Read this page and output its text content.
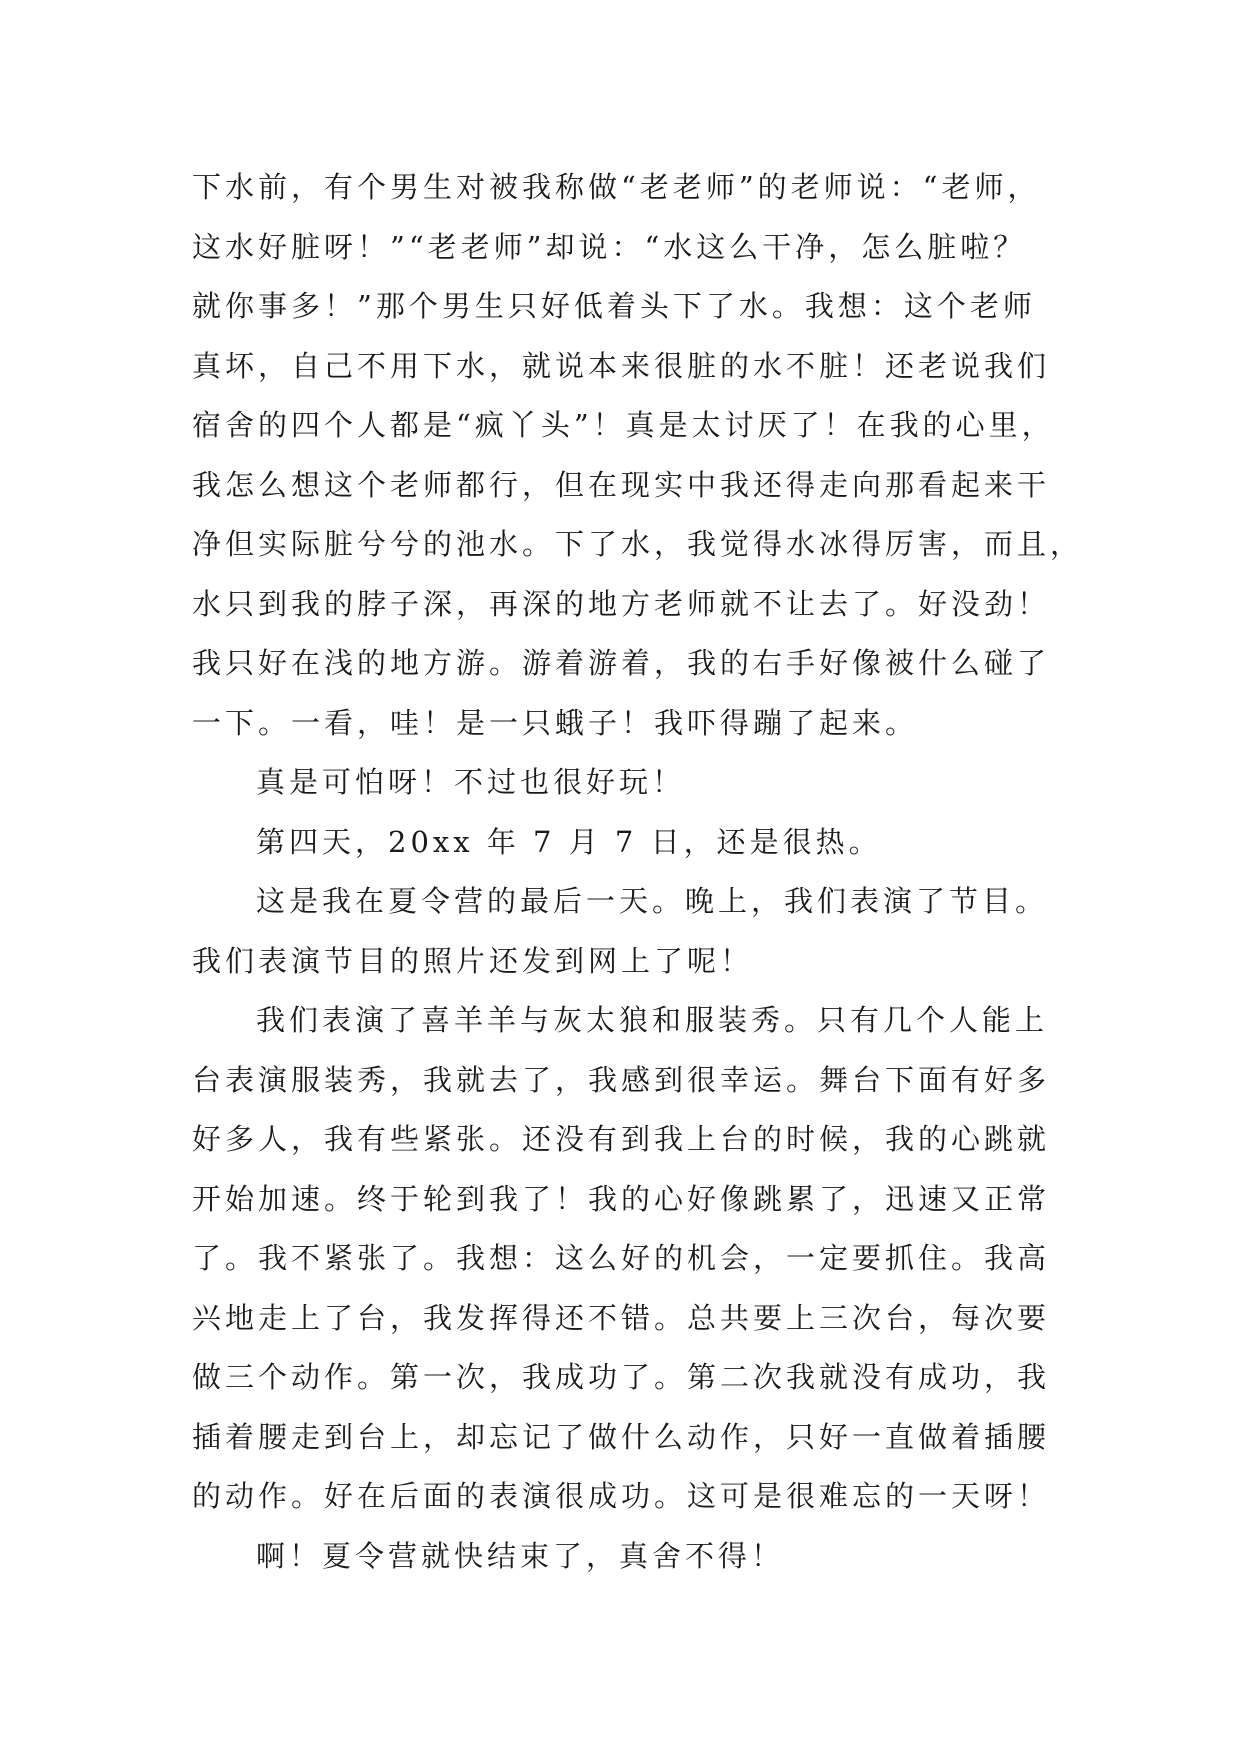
下水前，有个男生对被我称做“老老师”的老师说：“老师，
这水好脏呀！”“老老师”却说：“水这么干净，怎么脏啦？
就你事多！”那个男生只好低着头下了水。我想：这个老师
真坏，自己不用下水，就说本来很脏的水不脏！还老说我们
宿舍的四个人都是“疯丫头”！真是太讨厌了！在我的心里，
我怎么想这个老师都行，但在现实中我还得走向那看起来干
净但实际脏兮兮的池水。下了水，我觉得水冰得厉害，而且，
水只到我的脖子深，再深的地方老师就不让去了。好没劲！
我只好在浅的地方游。游着游着，我的右手好像被什么碰了
一下。一看，哇！是一只蛾子！我吓得蹦了起来。
真是可怕呀！不过也很好玩！
第四天，20xx 年 7 月 7 日，还是很热。
这是我在夏令营的最后一天。晚上，我们表演了节目。
我们表演节目的照片还发到网上了呢！
我们表演了喜羊羊与灰太狼和服装秀。只有几个人能上
台表演服装秀，我就去了，我感到很幸运。舞台下面有好多
好多人，我有些紧张。还没有到我上台的时候，我的心跳就
开始加速。终于轮到我了！我的心好像跳累了，迅速又正常
了。我不紧张了。我想：这么好的机会，一定要抓住。我高
兴地走上了台，我发挥得还不错。总共要上三次台，每次要
做三个动作。第一次，我成功了。第二次我就没有成功，我
插着腰走到台上，却忘记了做什么动作，只好一直做着插腰
的动作。好在后面的表演很成功。这可是很难忘的一天呀！
啊！夏令营就快结束了，真舍不得！
